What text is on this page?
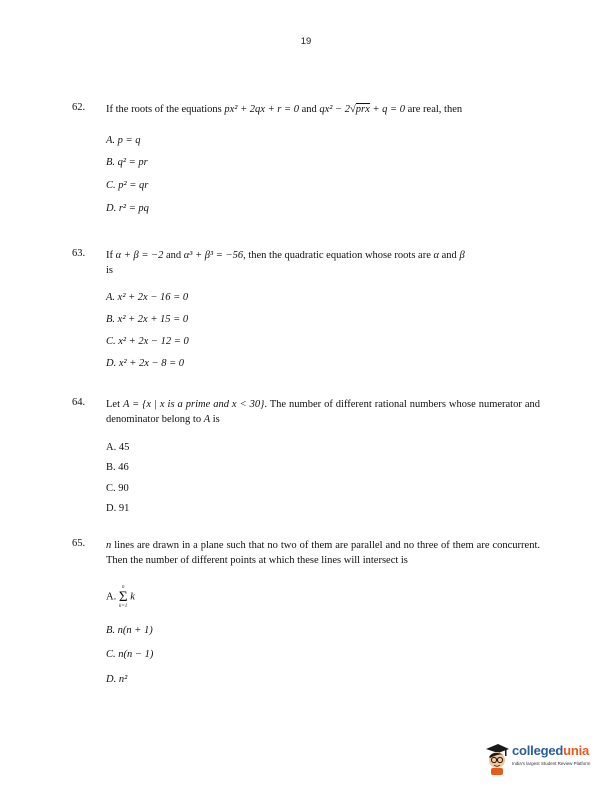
19
62. If the roots of the equations px² + 2qx + r = 0 and qx² − 2√prx + q = 0 are real, then
A. p = q
B. q² = pr
C. p² = qr
D. r² = pq
63. If α + β = −2 and α³ + β³ = −56, then the quadratic equation whose roots are α and β
is
A. x² + 2x − 16 = 0
B. x² + 2x + 15 = 0
C. x² + 2x − 12 = 0
D. x² + 2x − 8 = 0
64. Let A = {x | x is a prime and x < 30}. The number of different rational numbers whose numerator and denominator belong to A is
A. 45
B. 46
C. 90
D. 91
65. n lines are drawn in a plane such that no two of them are parallel and no three of them are concurrent. Then the number of different points at which these lines will intersect is
A.
n
Σ
k=1
k
B. n(n + 1)
C. n(n − 1)
D. n²
collegedunia
India's largest Student Review Platform
